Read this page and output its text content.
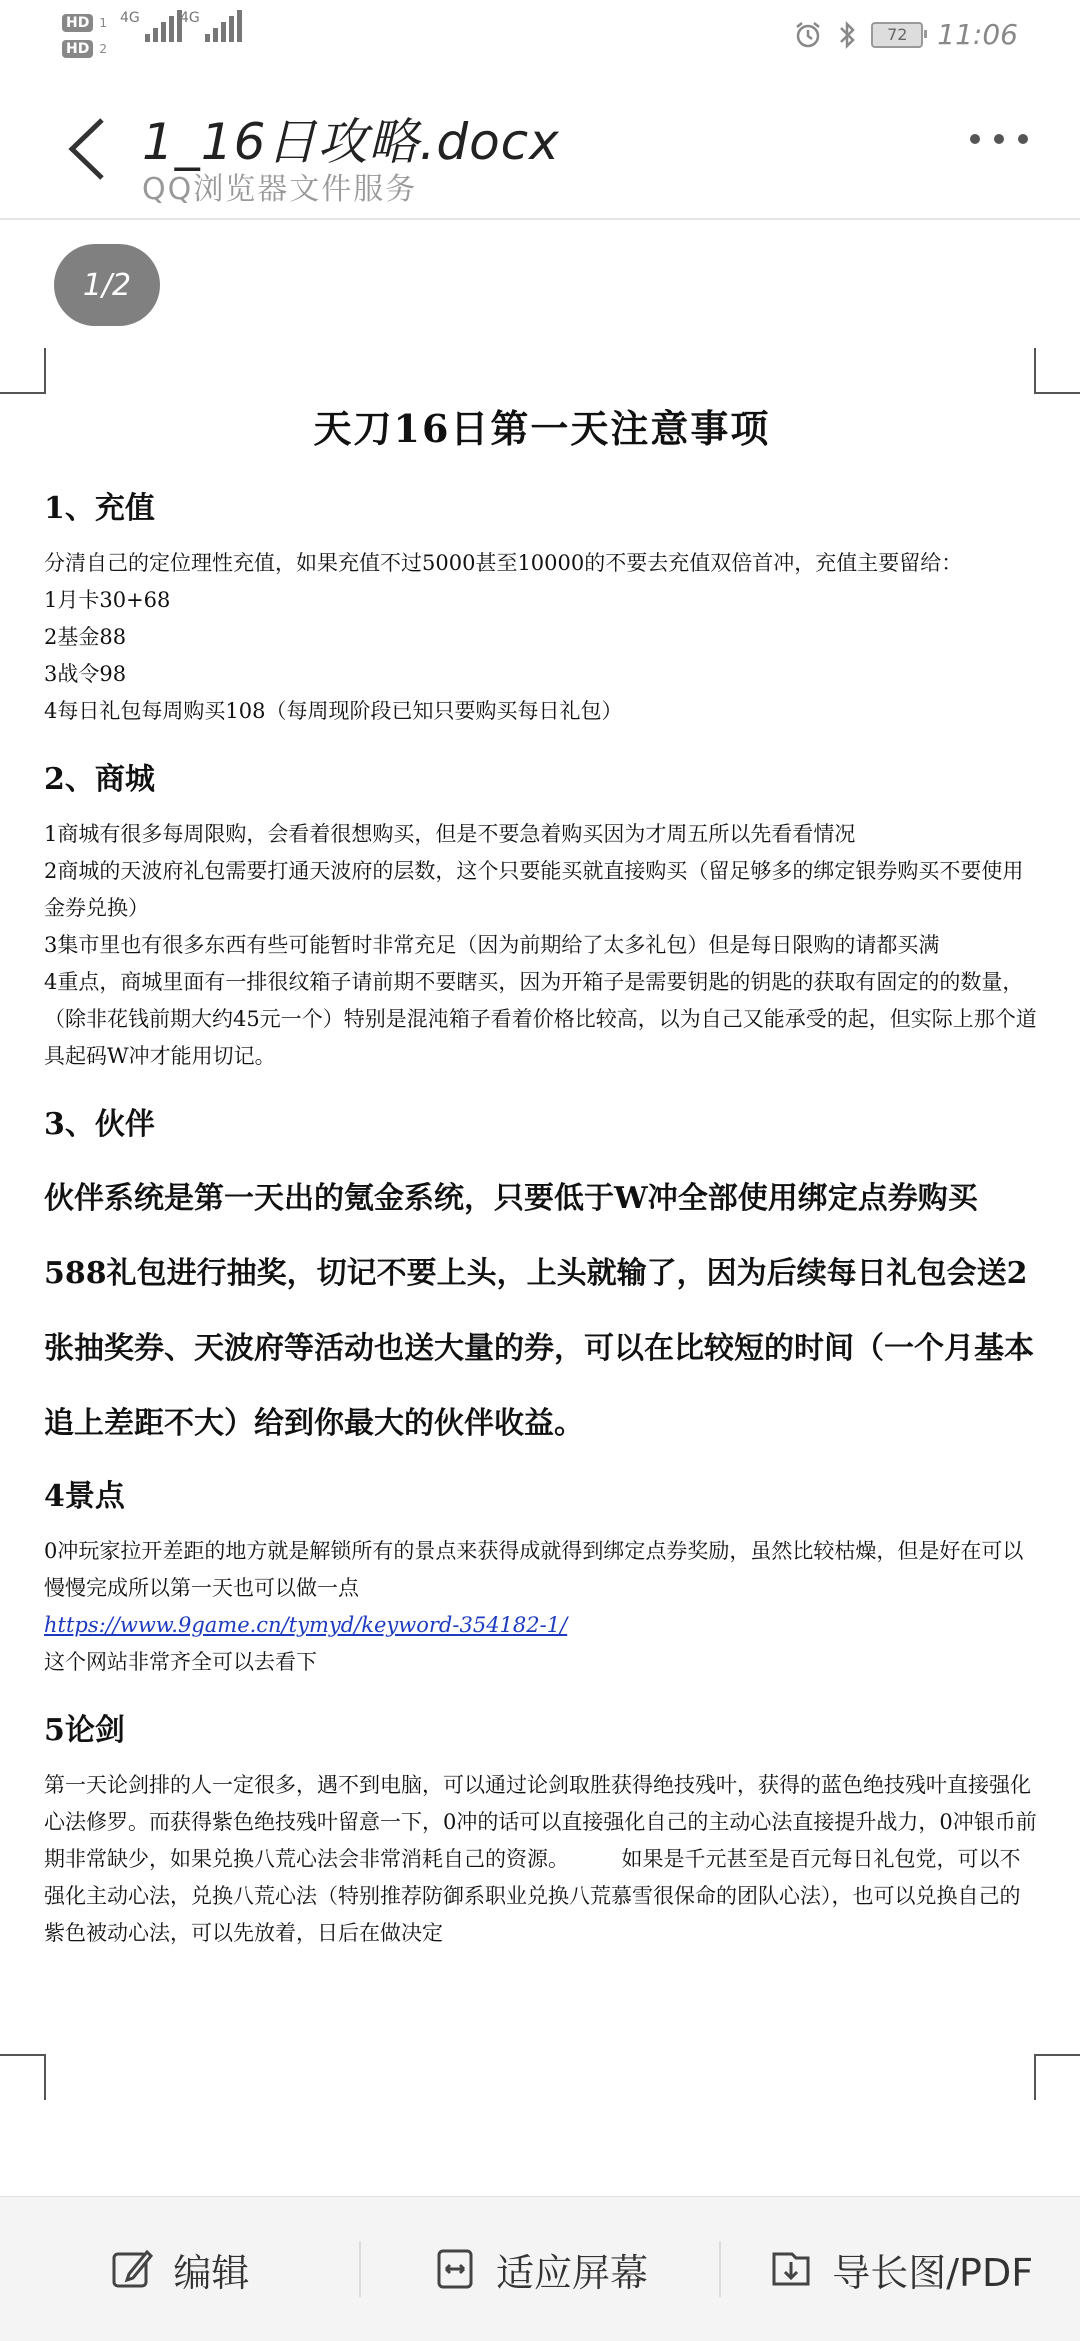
HD 1
HD 2
4G	4G
72 11:06
1_16日攻略.docx
QQ浏览器文件服务
1/2
天刀16日第一天注意事项
1、充值

分清自己的定位理性充值，如果充值不过5000甚至10000的不要去充值双倍首冲，充值主要留给：

1月卡30+68

2基金88

3战令98

4每日礼包每周购买108（每周现阶段已知只要购买每日礼包）

2、商城

1商城有很多每周限购，会看着很想购买，但是不要急着购买因为才周五所以先看看情况

2商城的天波府礼包需要打通天波府的层数，这个只要能买就直接购买（留足够多的绑定银券购买不要使用金券兑换）

3集市里也有很多东西有些可能暂时非常充足（因为前期给了太多礼包）但是每日限购的请都买满

4重点，商城里面有一排很纹箱子请前期不要瞎买，因为开箱子是需要钥匙的钥匙的获取有固定的的数量，（除非花钱前期大约45元一个）特别是混沌箱子看着价格比较高，以为自己又能承受的起，但实际上那个道具起码W冲才能用切记。

3、伙伴

伙伴系统是第一天出的氪金系统，只要低于W冲全部使用绑定点券购买588礼包进行抽奖，切记不要上头，上头就输了，因为后续每日礼包会送2张抽奖券、天波府等活动也送大量的券，可以在比较短的时间（一个月基本追上差距不大）给到你最大的伙伴收益。

4景点

0冲玩家拉开差距的地方就是解锁所有的景点来获得成就得到绑定点券奖励，虽然比较枯燥，但是好在可以慢慢完成所以第一天也可以做一点

https://www.9game.cn/tymyd/keyword-354182-1/

这个网站非常齐全可以去看下

5论剑

第一天论剑排的人一定很多，遇不到电脑，可以通过论剑取胜获得绝技残叶，获得的蓝色绝技残叶直接强化心法修罗。而获得紫色绝技残叶留意一下，0冲的话可以直接强化自己的主动心法直接提升战力，0冲银币前期非常缺少，如果兑换八荒心法会非常消耗自己的资源。　　　如果是千元甚至是百元每日礼包党，可以不强化主动心法，兑换八荒心法（特别推荐防御系职业兑换八荒慕雪很保命的团队心法），也可以兑换自己的紫色被动心法，可以先放着，日后在做决定

编辑	适应屏幕	导长图/PDF
